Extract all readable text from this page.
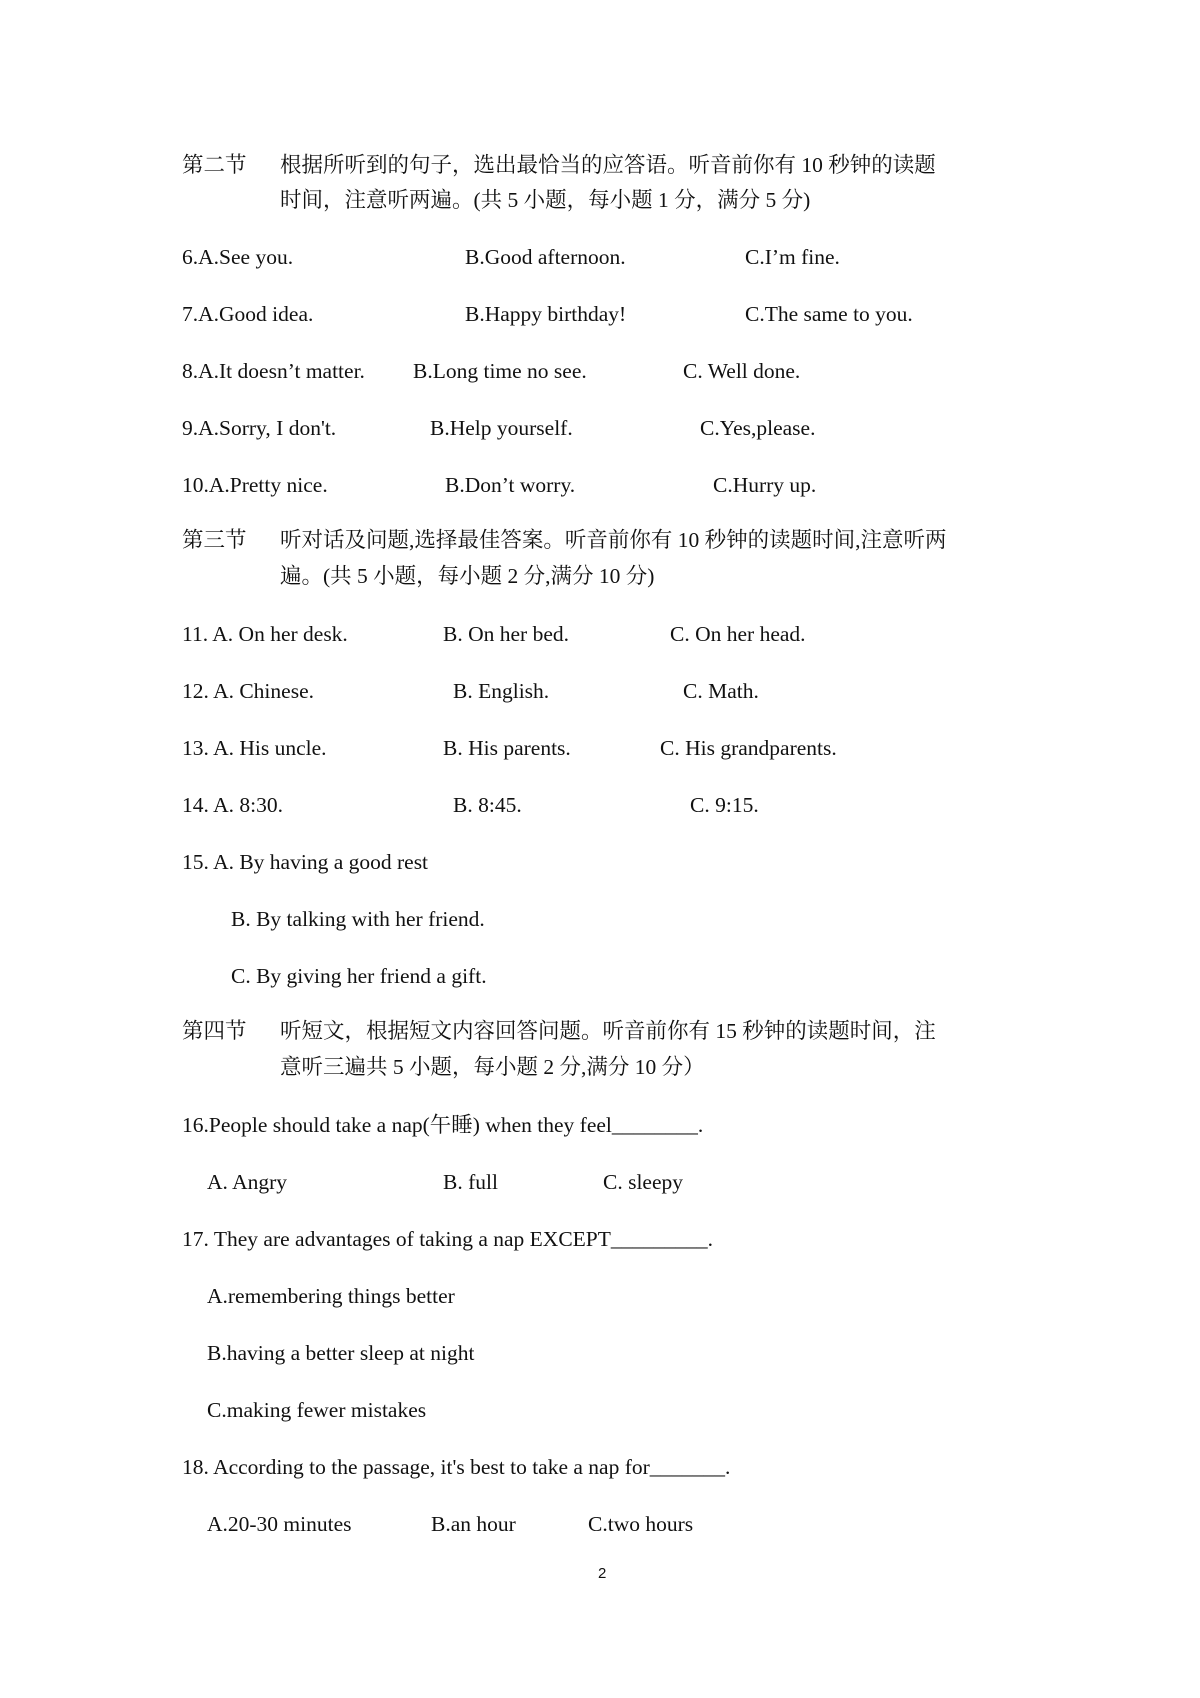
第二节 根据所听到的句子，选出最恰当的应答语。听音前你有 10 秒钟的读题
时间，注意听两遍。(共 5 小题，每小题 1 分，满分 5 分)
6.A.See you.	B.Good afternoon.	C.I’m fine.
7.A.Good idea.	B.Happy birthday!	C.The same to you.
8.A.It doesn’t matter. B.Long time no see.	C. Well done.
9.A.Sorry, I don't.	B.Help yourself.	C.Yes,please.
10.A.Pretty nice.	B.Don’t worry.	C.Hurry up.
第三节 听对话及问题,选择最佳答案。听音前你有 10 秒钟的读题时间,注意听两
遍。(共 5 小题，每小题 2 分,满分 10 分)
11. A. On her desk.	B. On her bed.	C. On her head.
12. A. Chinese.	B. English.	C. Math.
13. A. His uncle.	B. His parents.	C. His grandparents.
14. A. 8:30.	B. 8:45.	C. 9:15.
15. A. By having a good rest
B. By talking with her friend.
C. By giving her friend a gift.
第四节 听短文，根据短文内容回答问题。听音前你有 15 秒钟的读题时间，注
意听三遍共 5 小题，每小题 2 分,满分 10 分）
16.People should take a nap(午睡) when they feel________.
A. Angry	B. full	C. sleepy
17. They are advantages of taking a nap EXCEPT_________.
A.remembering things better
B.having a better sleep at night
C.making fewer mistakes
18. According to the passage, it's best to take a nap for_______.
A.20-30 minutes	B.an hour	C.two hours
2
